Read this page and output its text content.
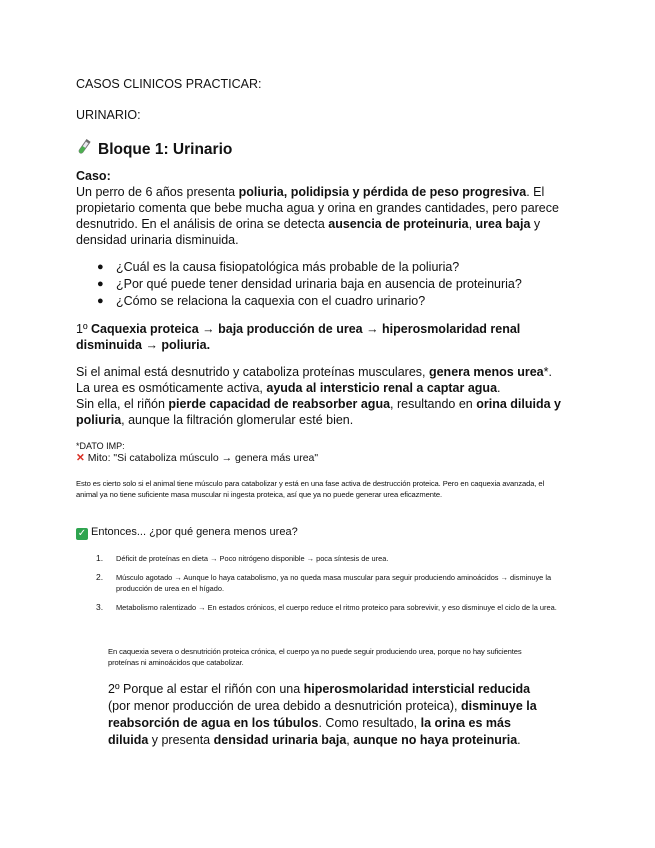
CASOS CLINICOS PRACTICAR:
URINARIO:
Bloque 1: Urinario
Caso:
Un perro de 6 años presenta poliuria, polidipsia y pérdida de peso progresiva. El propietario comenta que bebe mucha agua y orina en grandes cantidades, pero parece desnutrido. En el análisis de orina se detecta ausencia de proteinuria, urea baja y densidad urinaria disminuida.
● ¿Cuál es la causa fisiopatológica más probable de la poliuria?
● ¿Por qué puede tener densidad urinaria baja en ausencia de proteinuria?
● ¿Cómo se relaciona la caquexia con el cuadro urinario?
1º Caquexia proteica → baja producción de urea → hiperosmolaridad renal disminuida → poliuria.
Si el animal está desnutrido y cataboliza proteínas musculares, genera menos urea*.
La urea es osmóticamente activa, ayuda al intersticio renal a captar agua.
Sin ella, el riñón pierde capacidad de reabsorber agua, resultando en orina diluida y poliuria, aunque la filtración glomerular esté bien.
*DATO IMP:
✕ Mito: "Si cataboliza músculo → genera más urea"
Esto es cierto solo si el animal tiene músculo para catabolizar y está en una fase activa de destrucción proteica. Pero en caquexia avanzada, el animal ya no tiene suficiente masa muscular ni ingesta proteica, así que ya no puede generar urea eficazmente.
✓ Entonces... ¿por qué genera menos urea?
1. Déficit de proteínas en dieta → Poco nitrógeno disponible → poca síntesis de urea.
2. Músculo agotado → Aunque lo haya catabolismo, ya no queda masa muscular para seguir produciendo aminoácidos → disminuye la producción de urea en el hígado.
3. Metabolismo ralentizado → En estados crónicos, el cuerpo reduce el ritmo proteico para sobrevivir, y eso disminuye el ciclo de la urea.
En caquexia severa o desnutrición proteica crónica, el cuerpo ya no puede seguir produciendo urea, porque no hay suficientes proteínas ni aminoácidos que catabolizar.
2º Porque al estar el riñón con una hiperosmolaridad intersticial reducida (por menor producción de urea debido a desnutrición proteica), disminuye la reabsorción de agua en los túbulos. Como resultado, la orina es más diluida y presenta densidad urinaria baja, aunque no haya proteinuria.
